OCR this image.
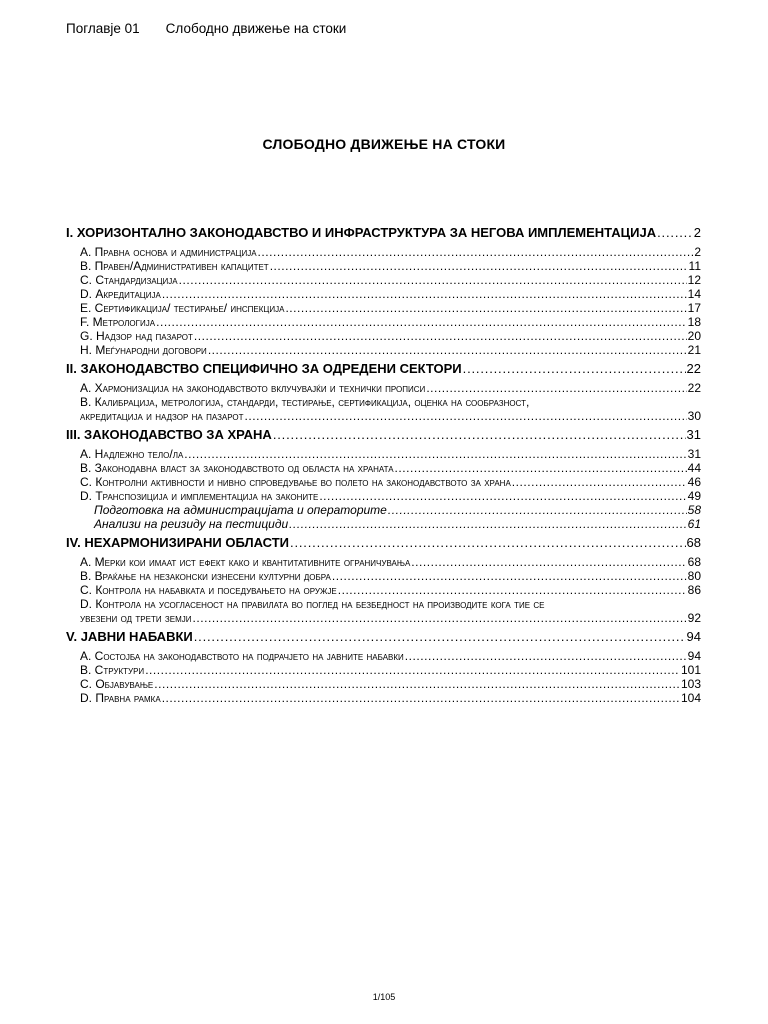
Поглавје 01 Слободно движење на стоки
СЛОБОДНО ДВИЖЕЊЕ НА СТОКИ
I. ХОРИЗОНТАЛНО ЗАКОНОДАВСТВО И ИНФРАСТРУКТУРА ЗА НЕГОВА ИМПЛЕМЕНТАЦИЈА . . .	2
A. Правна основа и администрација . . .	2
B. Правен/Административен капацитет . . .	11
C. Стандардизација . . .	12
D. Акредитација . . .	14
E. Сертификација/ тестирање/ инспекција . . .	17
F. Метрологија . . .	18
G. Надзор над пазарот . . .	20
H. Меѓународни договори . . .	21
II. ЗАКОНОДАВСТВО СПЕЦИФИЧНО ЗА ОДРЕДЕНИ СЕКТОРИ . . .	22
A. Хармонизација на законодавството вклучувајќи и технички прописи . . .	22
B. Калибрација, метрологија, стандарди, тестирање, сертификација, оценка на сообразност,
акредитација и надзор на пазарот . . .	30
III. ЗАКОНОДАВСТВО ЗА ХРАНА . . .	31
A. Надлежно тело/ла . . .	31
B. Законодавна власт за законодавството од областа на храната . . .	44
C. Контролни активности и нивно спроведување во полето на законодавството за храна . . .	46
D. Транспозиција и имплементација на законите . . .	49
Подготовка на администрацијата и операторите . . .	58
Анализи на реизиду на пестициди . . .	61
IV. НЕХАРМОНИЗИРАНИ ОБЛАСТИ . . .	68
A. Мерки кои имаат ист ефект како и квантитативните ограничувања . . .	68
B. Враќање на незаконски изнесени културни добра . . .	80
C. Контрола на набавката и поседувањето на оружје . . .	86
D. Контрола на усогласеност на правилата во поглед на безбедност на производите кога тие се
увезени од трети земји . . .	92
V. ЈАВНИ НАБАВКИ . . .	94
A. Состојба на законодавството на подрачјето на јавните набавки . . .	94
B. Структури . . .	101
C. Објавување . . .	103
D. Правна рамка . . .	104
1/105
